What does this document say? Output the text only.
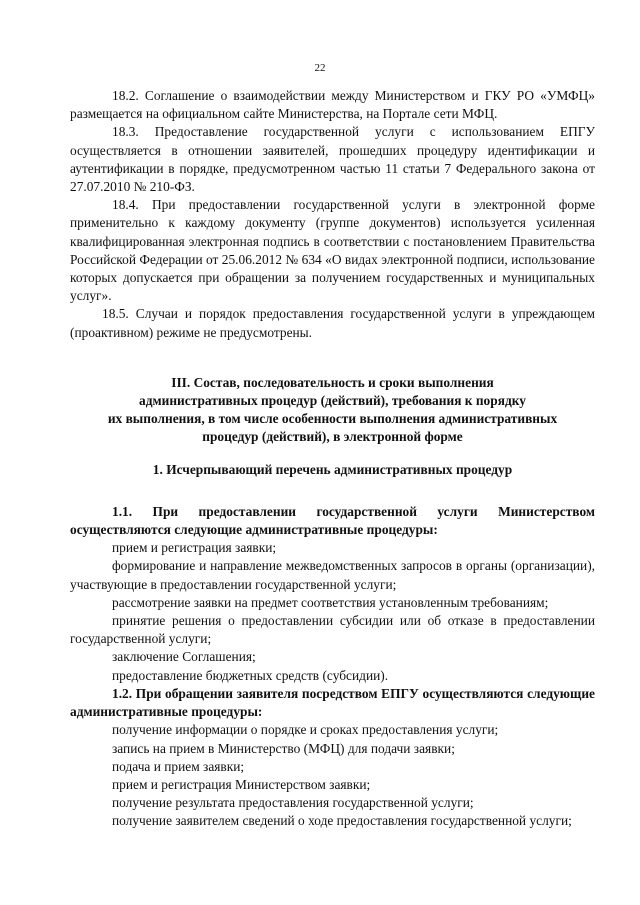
22

18.2. Соглашение о взаимодействии между Министерством и ГКУ РО «УМФЦ» размещается на официальном сайте Министерства, на Портале сети МФЦ.

18.3. Предоставление государственной услуги с использованием ЕПГУ осуществляется в отношении заявителей, прошедших процедуру идентификации и аутентификации в порядке, предусмотренном частью 11 статьи 7 Федерального закона от 27.07.2010 № 210-ФЗ.

18.4. При предоставлении государственной услуги в электронной форме применительно к каждому документу (группе документов) используется усиленная квалифицированная электронная подпись в соответствии с постановлением Правительства Российской Федерации от 25.06.2012 № 634 «О видах электронной подписи, использование которых допускается при обращении за получением государственных и муниципальных услуг».

18.5. Случаи и порядок предоставления государственной услуги в упреждающем (проактивном) режиме не предусмотрены.

III. Состав, последовательность и сроки выполнения
административных процедур (действий), требования к порядку
их выполнения, в том числе особенности выполнения административных
процедур (действий), в электронной форме
1. Исчерпывающий перечень административных процедур

1.1. При предоставлении государственной услуги Министерством осуществляются следующие административные процедуры:

прием и регистрация заявки;

формирование и направление межведомственных запросов в органы (организации), участвующие в предоставлении государственной услуги;

рассмотрение заявки на предмет соответствия установленным требованиям;

принятие решения о предоставлении субсидии или об отказе в предоставлении государственной услуги;

заключение Соглашения;

предоставление бюджетных средств (субсидии).

1.2. При обращении заявителя посредством ЕПГУ осуществляются следующие административные процедуры:

получение информации о порядке и сроках предоставления услуги;

запись на прием в Министерство (МФЦ) для подачи заявки;

подача и прием заявки;

прием и регистрация Министерством заявки;

получение результата предоставления государственной услуги;

получение заявителем сведений о ходе предоставления государственной услуги;
